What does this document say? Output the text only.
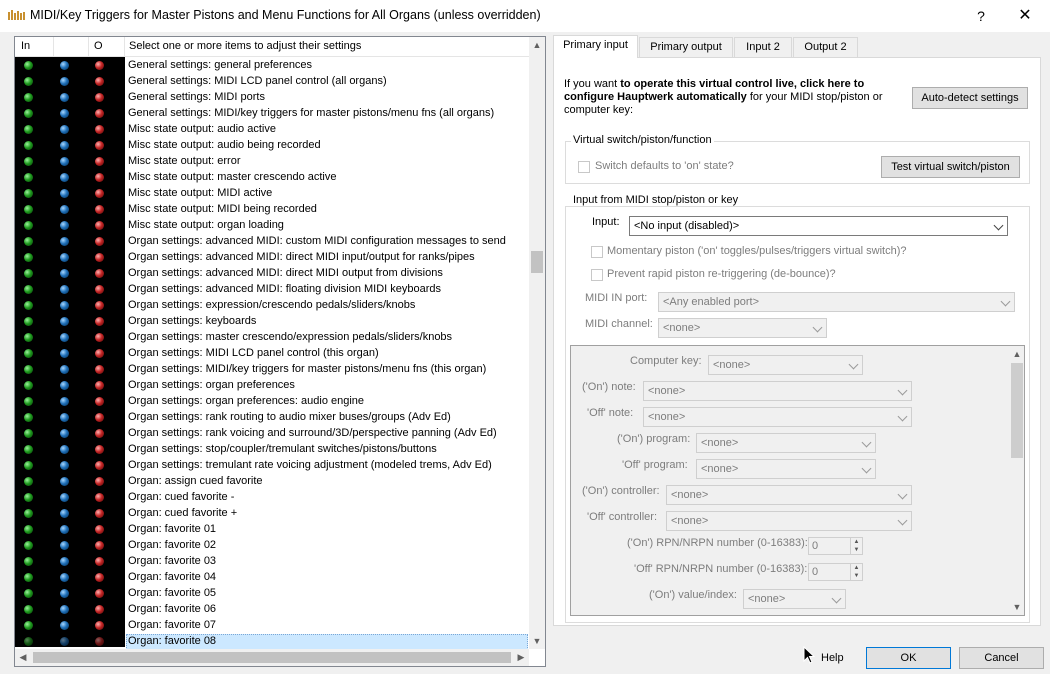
MIDI/Key Triggers for Master Pistons and Menu Functions for All Organs (unless overridden)	?	✕
In	O Select one or more items to adjust their settings
General settings: general preferences
General settings: MIDI LCD panel control (all organs)
General settings: MIDI ports
General settings: MIDI/key triggers for master pistons/menu fns (all organs)
Misc state output: audio active
Misc state output: audio being recorded
Misc state output: error
Misc state output: master crescendo active
Misc state output: MIDI active
Misc state output: MIDI being recorded
Misc state output: organ loading
Organ settings: advanced MIDI: custom MIDI configuration messages to send
Organ settings: advanced MIDI: direct MIDI input/output for ranks/pipes
Organ settings: advanced MIDI: direct MIDI output from divisions
Organ settings: advanced MIDI: floating division MIDI keyboards
Organ settings: expression/crescendo pedals/sliders/knobs
Organ settings: keyboards
Organ settings: master crescendo/expression pedals/sliders/knobs
Organ settings: MIDI LCD panel control (this organ)
Organ settings: MIDI/key triggers for master pistons/menu fns (this organ)
Organ settings: organ preferences
Organ settings: organ preferences: audio engine
Organ settings: rank routing to audio mixer buses/groups (Adv Ed)
Organ settings: rank voicing and surround/3D/perspective panning (Adv Ed)
Organ settings: stop/coupler/tremulant switches/pistons/buttons
Organ settings: tremulant rate voicing adjustment (modeled trems, Adv Ed)
Organ: assign cued favorite
Organ: cued favorite -
Organ: cued favorite +
Organ: favorite 01
Organ: favorite 02
Organ: favorite 03
Organ: favorite 04
Organ: favorite 05
Organ: favorite 06
Organ: favorite 07
Organ: favorite 08
▲
▼
◀	▶
Primary input	Primary output	Input 2	Output 2
If you want to operate this virtual control live, click here to configure Hauptwerk automatically for your MIDI stop/piston or computer key:
Auto-detect settings
Virtual switch/piston/function
Switch defaults to 'on' state?	Test virtual switch/piston
Input from MIDI stop/piston or key
Input:	<No input (disabled)>
Momentary piston ('on' toggles/pulses/triggers virtual switch)?
Prevent rapid piston re-triggering (de-bounce)?
MIDI IN port:	<Any enabled port>
MIDI channel: <none>
Computer key:	<none>
('On') note:	<none>
'Off' note:	<none>
('On') program: <none>
'Off' program:	<none>
('On') controller:	<none>
'Off' controller:	<none>
('On') RPN/NRPN number (0-16383): 0	▲
▼
'Off' RPN/NRPN number (0-16383): 0	▲
▼
('On') value/index:	<none>
▲
▼
Help	OK	Cancel
